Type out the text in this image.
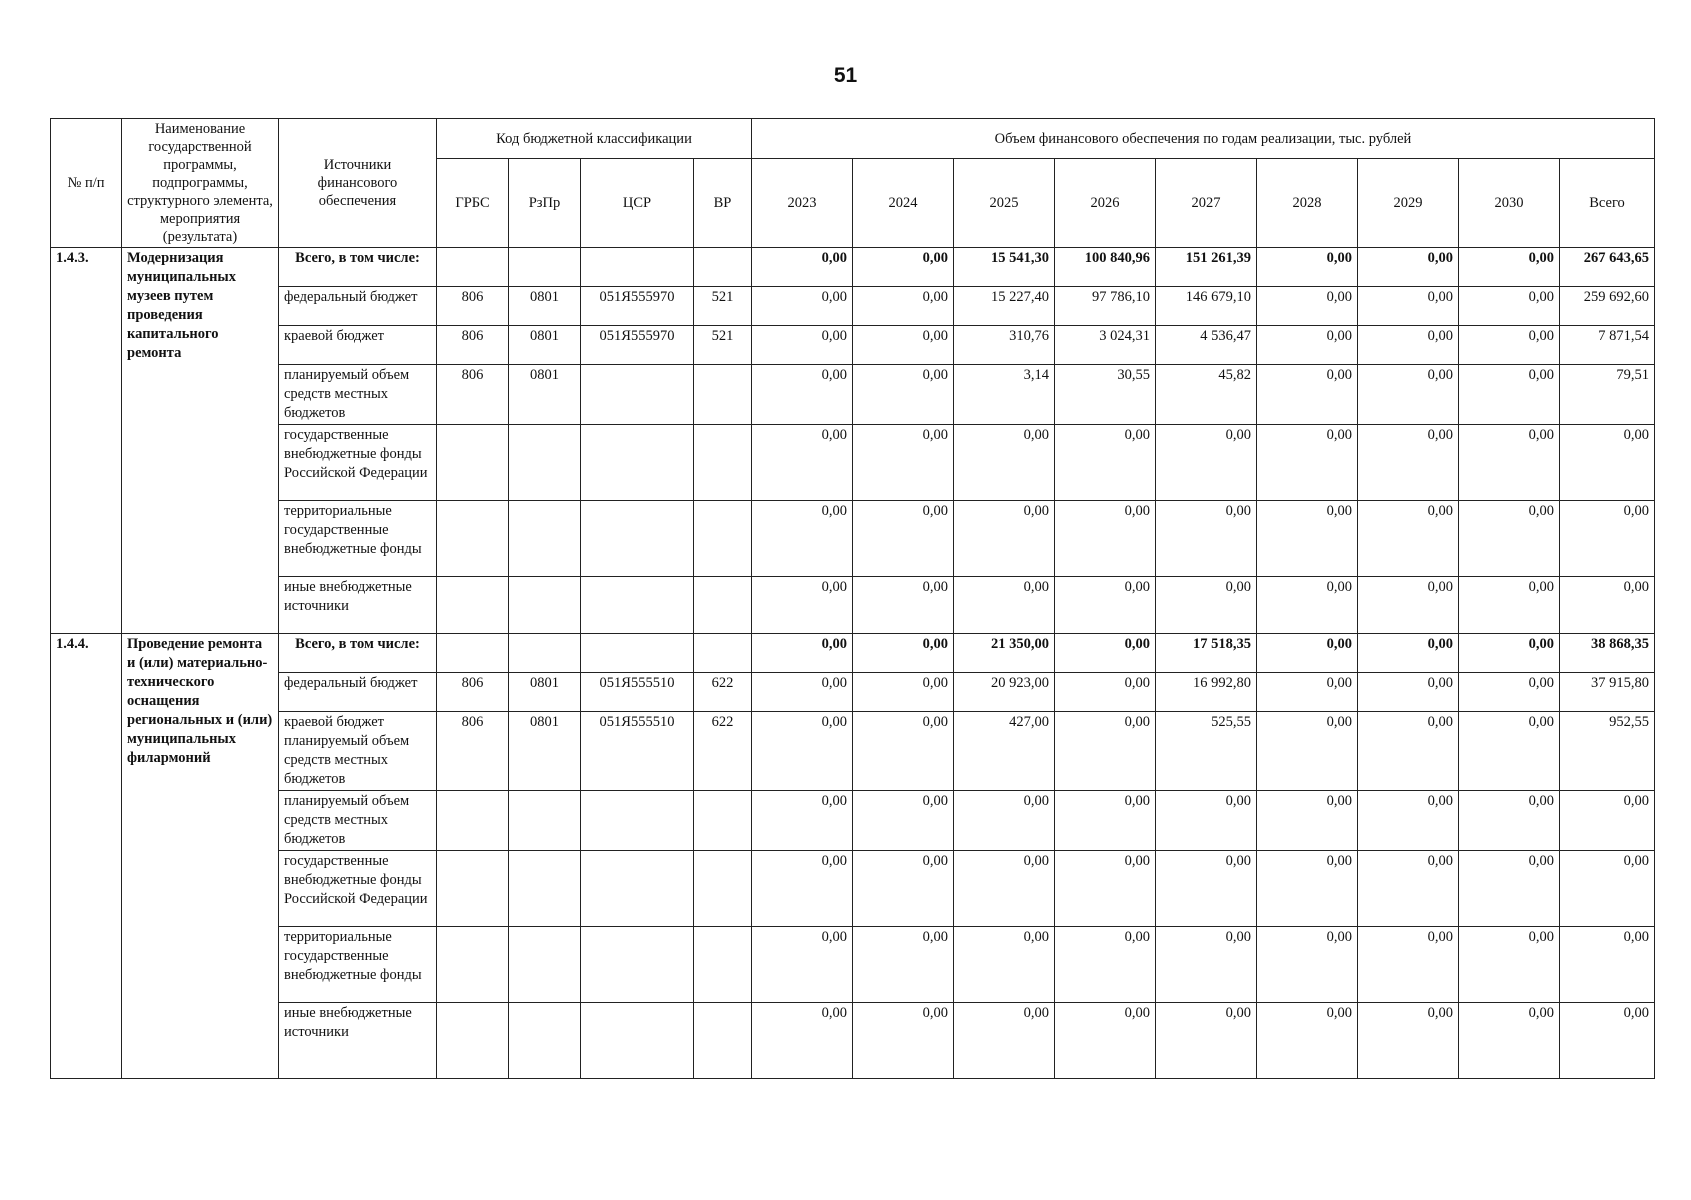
51
№ п/п	Наименование государственной программы, подпрограммы, структурного элемента, мероприятия (результата)	Источники финансового обеспечения	Код бюджетной классификации				Объем финансового обеспечения по годам реализации, тыс. рублей								
			ГРБС	РзПр	ЦСР	ВР	2023	2024	2025	2026	2027	2028	2029	2030	Всего
1.4.3.	Модернизация муниципальных музеев путем проведения капитального ремонта	Всего, в том числе:					0,00	0,00	15 541,30	100 840,96	151 261,39	0,00	0,00	0,00	267 643,65
		федеральный бюджет	806	0801	051Я555970	521	0,00	0,00	15 227,40	97 786,10	146 679,10	0,00	0,00	0,00	259 692,60
		краевой бюджет	806	0801	051Я555970	521	0,00	0,00	310,76	3 024,31	4 536,47	0,00	0,00	0,00	7 871,54
		планируемый объем средств местных бюджетов	806	0801			0,00	0,00	3,14	30,55	45,82	0,00	0,00	0,00	79,51
		государственные внебюджетные фонды Российской Федерации					0,00	0,00	0,00	0,00	0,00	0,00	0,00	0,00	0,00
		территориальные государственные внебюджетные фонды					0,00	0,00	0,00	0,00	0,00	0,00	0,00	0,00	0,00
		иные внебюджетные источники					0,00	0,00	0,00	0,00	0,00	0,00	0,00	0,00	0,00
1.4.4.	Проведение ремонта и (или) материально-технического оснащения региональных и (или) муниципальных филармоний	Всего, в том числе:					0,00	0,00	21 350,00	0,00	17 518,35	0,00	0,00	0,00	38 868,35
		федеральный бюджет	806	0801	051Я555510	622	0,00	0,00	20 923,00	0,00	16 992,80	0,00	0,00	0,00	37 915,80
		краевой бюджет планируемый объем средств местных бюджетов	806	0801	051Я555510	622	0,00	0,00	427,00	0,00	525,55	0,00	0,00	0,00	952,55
		планируемый объем средств местных бюджетов					0,00	0,00	0,00	0,00	0,00	0,00	0,00	0,00	0,00
		государственные внебюджетные фонды Российской Федерации					0,00	0,00	0,00	0,00	0,00	0,00	0,00	0,00	0,00
		территориальные государственные внебюджетные фонды					0,00	0,00	0,00	0,00	0,00	0,00	0,00	0,00	0,00
		иные внебюджетные источники					0,00	0,00	0,00	0,00	0,00	0,00	0,00	0,00	0,00
